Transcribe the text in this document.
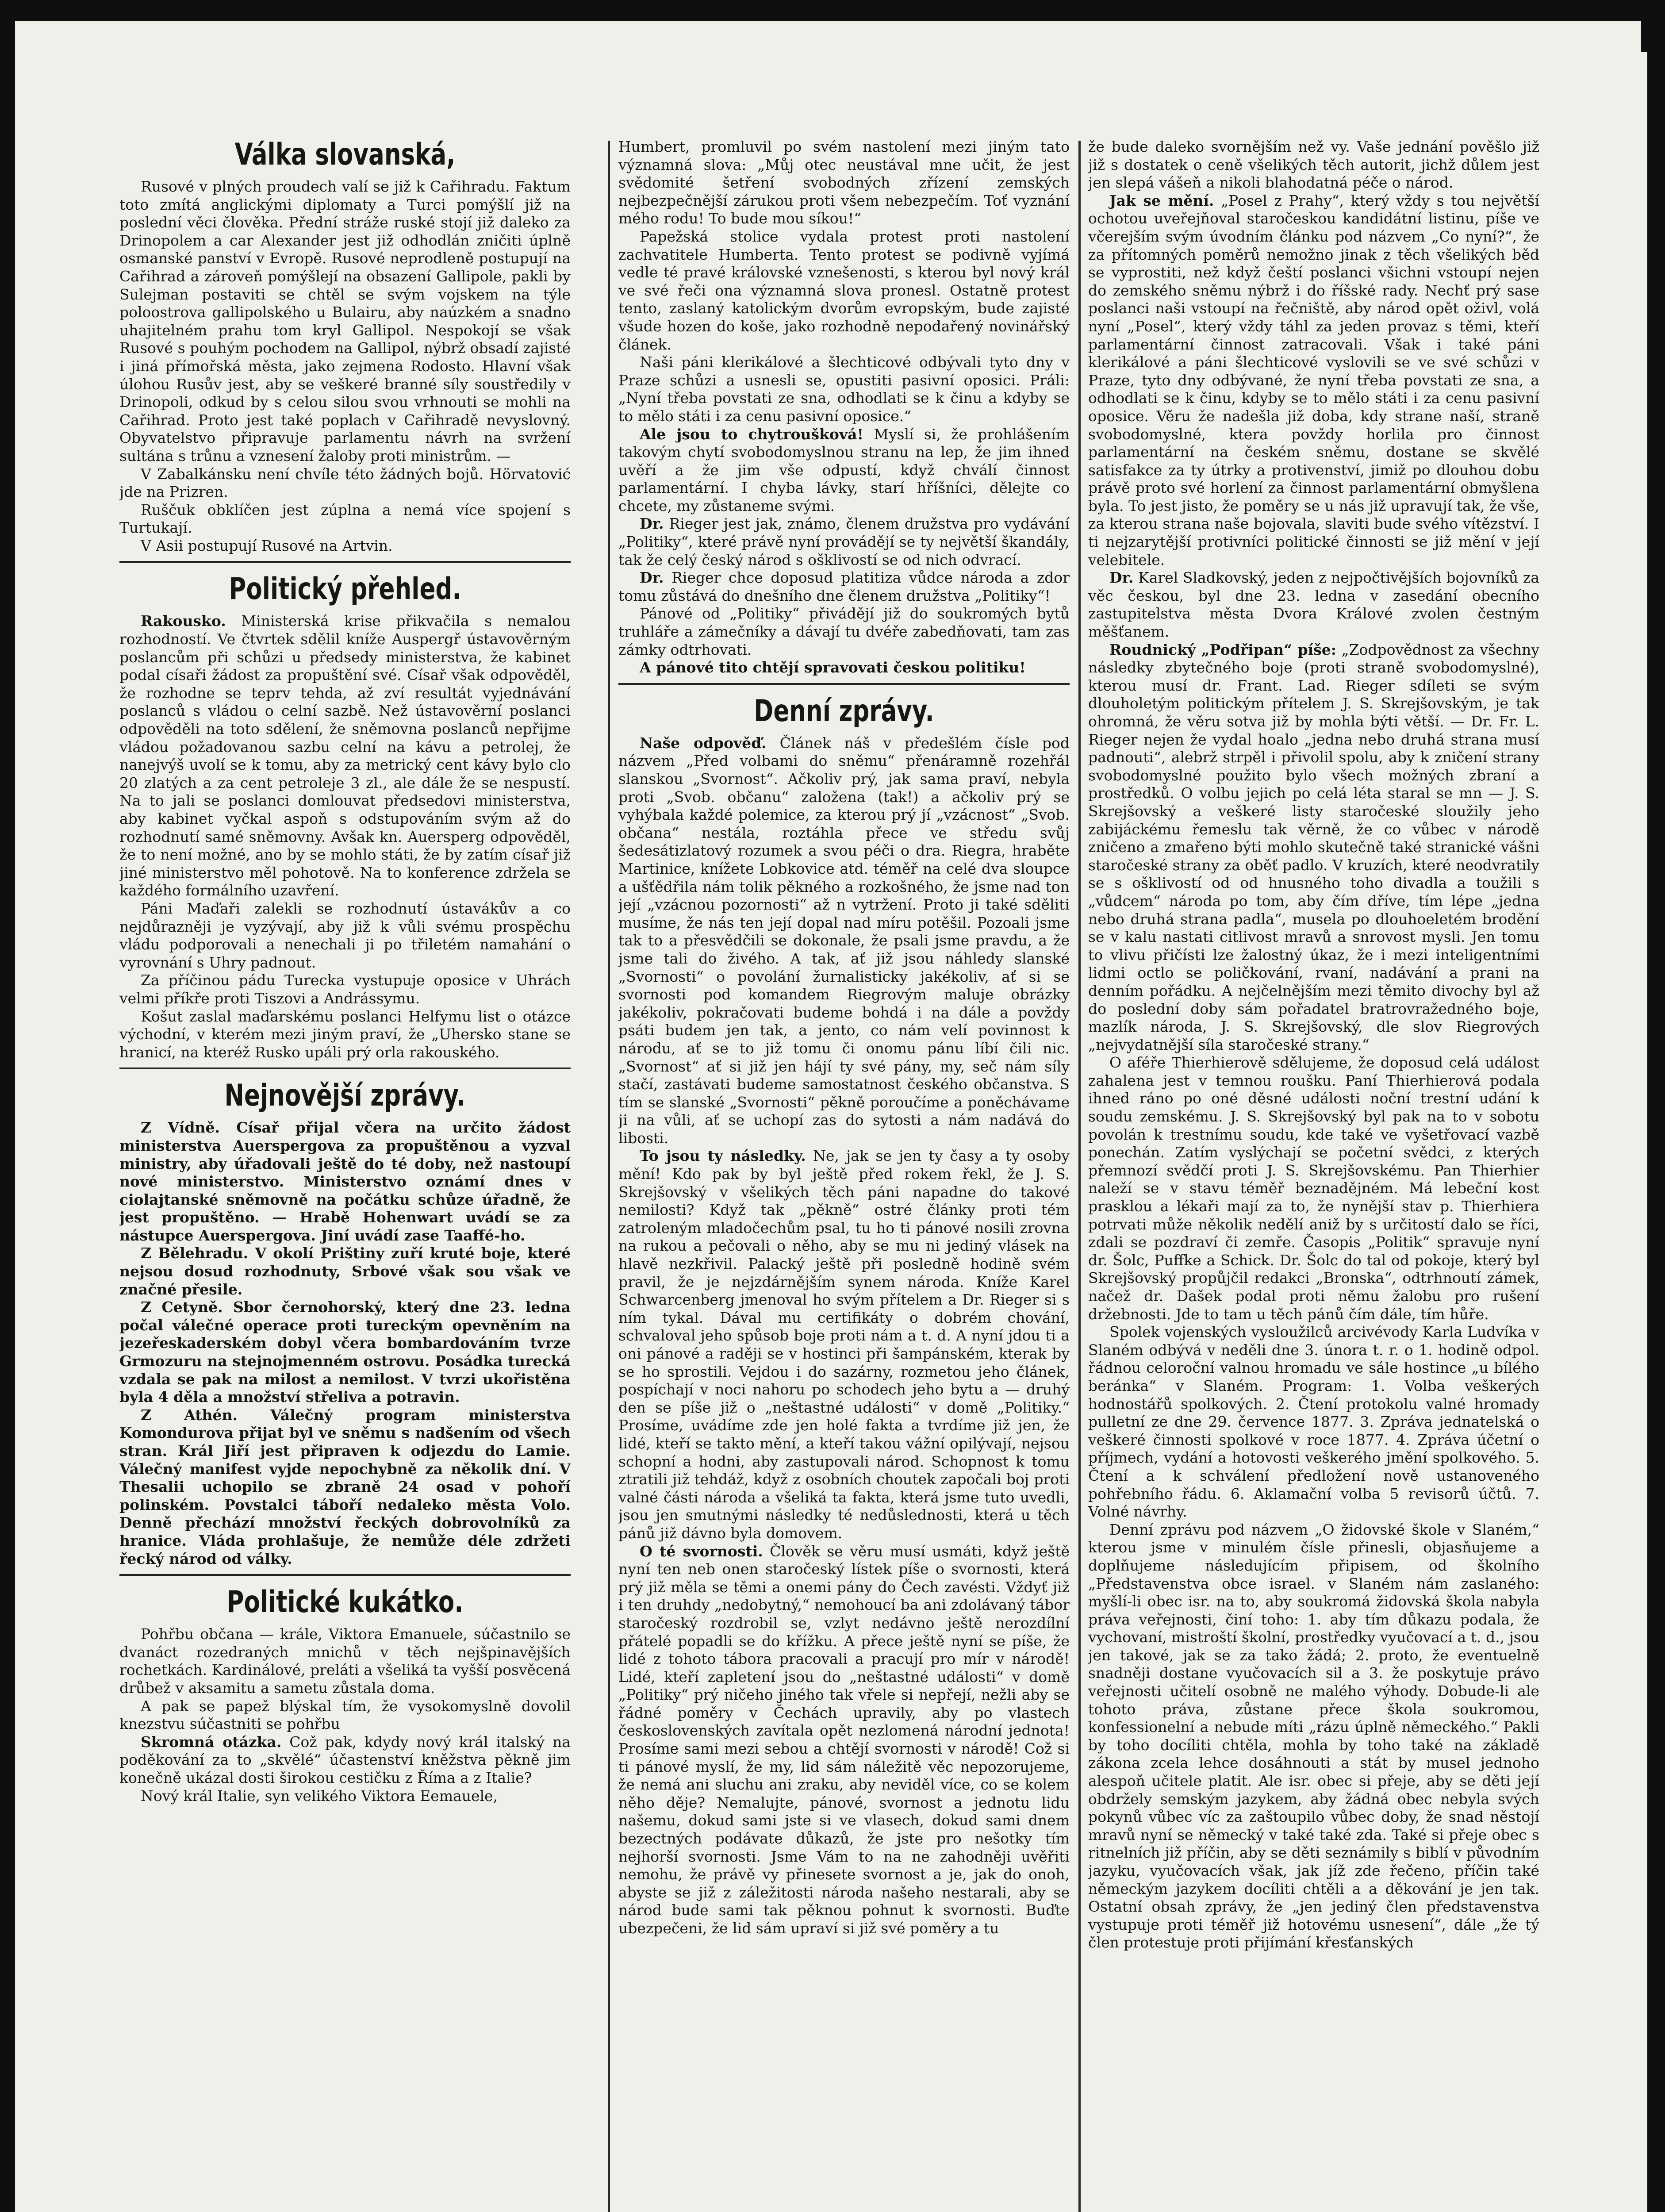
Válka slovanská,

Rusové v plných proudech valí se již k Cařihradu. Faktum toto zmítá anglickými diplomaty a Turci pomýšlí již na poslední věci člověka. Přední stráže ruské stojí již daleko za Drinopolem a car Alexander jest již odhodlán zničiti úplně osmanské panství v Evropě. Rusové neprodleně postupují na Cařihrad a zároveň pomýšlejí na obsazení Gallipole, pakli by Sulejman postaviti se chtěl se svým vojskem na týle poloostrova gallipolského u Bulairu, aby naúzkém a snadno uhajitelném prahu tom kryl Gallipol. Nespokojí se však Rusové s pouhým pochodem na Gallipol, nýbrž obsadí zajisté i jiná přímořská města, jako zejmena Rodosto. Hlavní však úlohou Rusův jest, aby se veškeré branné síly soustředily v Drinopoli, odkud by s celou silou svou vrhnouti se mohli na Cařihrad. Proto jest také poplach v Cařihradě nevyslovný. Obyvatelstvo připravuje parlamentu návrh na svržení sultána s trůnu a vznesení žaloby proti ministrům. —

V Zabalkánsku není chvíle této žádných bojů. Hörvatović jde na Prizren.

Ruščuk obklíčen jest zúplna a nemá více spojení s Turtukají.

V Asii postupují Rusové na Artvin.

Politický přehled.

Rakousko. Ministerská krise přikvačila s nemalou rozhodností. Ve čtvrtek sdělil kníže Auspergř ústavověrným poslancům při schůzi u předsedy ministerstva, že kabinet podal císaři žádost za propuštění své. Císař však odpověděl, že rozhodne se teprv tehda, až zví resultát vyjednávání poslanců s vládou o celní sazbě. Než ústavověrní poslanci odpověděli na toto sdělení, že sněmovna poslanců nepřijme vládou požadovanou sazbu celní na kávu a petrolej, že nanejvýš uvolí se k tomu, aby za metrický cent kávy bylo clo 20 zlatých a za cent petroleje 3 zl., ale dále že se nespustí. Na to jali se poslanci domlouvat předsedovi ministerstva, aby kabinet vyčkal aspoň s odstupováním svým až do rozhodnutí samé sněmovny. Avšak kn. Auersperg odpověděl, že to není možné, ano by se mohlo státi, že by zatím císař již jiné ministerstvo měl pohotově. Na to konference zdržela se každého formálního uzavření.

Páni Maďaři zalekli se rozhodnutí ústavákův a co nejdůrazněji je vyzývají, aby již k vůli svému prospěchu vládu podporovali a nenechali ji po třiletém namahání o vyrovnání s Uhry padnout.

Za příčinou pádu Turecka vystupuje oposice v Uhrách velmi příkře proti Tiszovi a Andrássymu.

Košut zaslal maďarskému poslanci Helfymu list o otázce východní, v kterém mezi jiným praví, že „Uhersko stane se hranicí, na kteréž Rusko upáli prý orla rakouského.

Nejnovější zprávy.

Z Vídně. Císař přijal včera na určito žádost ministerstva Auerspergova za propuštěnou a vyzval ministry, aby úřadovali ještě do té doby, než nastoupí nové ministerstvo. Ministerstvo oznámí dnes v ciolajtanské sněmovně na počátku schůze úřadně, že jest propuštěno. — Hrabě Hohenwart uvádí se za nástupce Auerspergova. Jiní uvádí zase Taaffé-ho.

Z Bělehradu. V okolí Prištiny zuří kruté boje, které nejsou dosud rozhodnuty, Srbové však sou však ve značné přesile.

Z Cetyně. Sbor černohorský, který dne 23. ledna počal válečné operace proti tureckým opevněním na jezeřeskaderském dobyl včera bombardováním tvrze Grmozuru na stejnojmenném ostrovu. Posádka turecká vzdala se pak na milost a nemilost. V tvrzi ukořistěna byla 4 děla a množství střeliva a potravin.

Z Athén. Válečný program ministerstva Komondurova přijat byl ve sněmu s nadšením od všech stran. Král Jiří jest připraven k odjezdu do Lamie. Válečný manifest vyjde nepochybně za několik dní. V Thesalii uchopilo se zbraně 24 osad v pohoří polinském. Povstalci táboří nedaleko města Volo. Denně přechází množství řeckých dobrovolníků za hranice. Vláda prohlašuje, že nemůže déle zdržeti řecký národ od války.

Politické kukátko.

Pohřbu občana — krále, Viktora Emanuele, súčastnilo se dvanáct rozedraných mnichů v těch nejšpinavějších rochetkách. Kardinálové, preláti a všeliká ta vyšší posvěcená drůbež v aksamitu a sametu zůstala doma.

A pak se papež blýskal tím, že vysokomyslně dovolil knezstvu súčastniti se pohřbu

Skromná otázka. Což pak, kdydy nový král italský na poděkování za to „skvělé“ účastenství kněžstva pěkně jim konečně ukázal dosti širokou cestičku z Říma a z Italie?

Nový král Italie, syn velikého Viktora Eemauele,

Humbert, promluvil po svém nastolení mezi jiným tato významná slova: „Můj otec neustával mne učit, že jest svědomité šetření svobodných zřízení zemských nejbezpečnější zárukou proti všem nebezpečím. Toť vyznání mého rodu! To bude mou síkou!“

Papežská stolice vydala protest proti nastolení zachvatitele Humberta. Tento protest se podivně vyjímá vedle té pravé královské vznešenosti, s kterou byl nový král ve své řeči ona významná slova pronesl. Ostatně protest tento, zaslaný katolickým dvorům evropským, bude zajisté všude hozen do koše, jako rozhodně nepodařený novinářský článek.

Naši páni klerikálové a šlechticové odbývali tyto dny v Praze schůzi a usnesli se, opustiti pasivní oposici. Práli: „Nyní třeba povstati ze sna, odhodlati se k činu a kdyby se to mělo státi i za cenu pasivní oposice.“

Ale jsou to chytroušková! Myslí si, že prohlášením takovým chytí svobodomyslnou stranu na lep, že jim ihned uvěří a že jim vše odpustí, když chválí činnost parlamentární. I chyba lávky, starí hříšníci, dělejte co chcete, my zůstaneme svými.

Dr. Rieger jest jak, známo, členem družstva pro vydávání „Politiky“, které právě nyní provádějí se ty největší škandály, tak že celý český národ s ošklivostí se od nich odvrací.

Dr. Rieger chce doposud platitiza vůdce národa a zdor tomu zůstává do dnešního dne členem družstva „Politiky“!

Pánové od „Politiky“ přivádějí již do soukromých bytů truhláře a zámečníky a dávají tu dvéře zabedňovati, tam zas zámky odtrhovati.

A pánové tito chtějí spravovati českou politiku!

Denní zprávy.

Naše odpověď. Článek náš v předešlém čísle pod názvem „Před volbami do sněmu“ přenáramně rozehřál slanskou „Svornost“. Ačkoliv prý, jak sama praví, nebyla proti „Svob. občanu“ založena (tak!) a ačkoliv prý se vyhýbala každé polemice, za kterou prý jí „vzácnost“ „Svob. občana“ nestála, roztáhla přece ve středu svůj šedesátizlatový rozumek a svou péči o dra. Riegra, hraběte Martinice, knížete Lobkovice atd. téměř na celé dva sloupce a ušťědřila nám tolik pěkného a rozkošného, že jsme nad ton její „vzácnou pozornosti“ až n vytržení. Proto ji také sděliti musíme, že nás ten její dopal nad míru potěšil. Pozoali jsme tak to a přesvědčili se dokonale, že psali jsme pravdu, a že jsme tali do živého. A tak, ať již jsou náhledy slanské „Svornosti“ o povolání žurnalisticky jakékoliv, ať si se svornosti pod komandem Riegrovým maluje obrázky jakékoliv, pokračovati budeme bohdá i na dále a povždy psáti budem jen tak, a jento, co nám velí povinnost k národu, ať se to již tomu či onomu pánu líbí čili nic. „Svornost“ ať si již jen hájí ty své pány, my, seč nám síly stačí, zastávati budeme samostatnost českého občanstva. S tím se slanské „Svornosti“ pěkně poroučíme a poněchávame ji na vůli, ať se uchopí zas do sytosti a nám nadává do libosti.

To jsou ty následky. Ne, jak se jen ty časy a ty osoby mění! Kdo pak by byl ještě před rokem řekl, že J. S. Skrejšovský v všelikých těch páni napadne do takové nemilosti? Když tak „pěkně“ ostré články proti tém zatroleným mladočechům psal, tu ho ti pánové nosili zrovna na rukou a pečovali o něho, aby se mu ni jediný vlásek na hlavě nezkřivil. Palacký ještě při posledně hodině svém pravil, že je nejzdárnějším synem národa. Kníže Karel Schwarcenberg jmenoval ho svým přítelem a Dr. Rieger si s ním tykal. Dával mu certifikáty o dobrém chování, schvaloval jeho spůsob boje proti nám a t. d. A nyní jdou ti a oni pánové a raději se v hostinci při šampánském, kterak by se ho sprostili. Vejdou i do sazárny, rozmetou jeho článek, pospíchají v noci nahoru po schodech jeho bytu a — druhý den se píše již o „neštastné události“ v domě „Politiky.“ Prosíme, uvádíme zde jen holé fakta a tvrdíme již jen, že lidé, kteří se takto mění, a kteří takou vážní opilývají, nejsou schopní a hodni, aby zastupovali národ. Schopnost k tomu ztratili již tehdáž, když z osobních choutek započali boj proti valné části národa a všeliká ta fakta, která jsme tuto uvedli, jsou jen smutnými následky té nedůslednosti, která u těch pánů již dávno byla domovem.

O té svornosti. Člověk se věru musí usmáti, když ještě nyní ten neb onen staročeský lístek píše o svornosti, která prý již měla se těmi a onemi pány do Čech zavésti. Vždyť již i ten druhdy „nedobytný,“ nemohoucí ba ani zdolávaný tábor staročeský rozdrobil se, vzlyt nedávno ještě nerozdílní přátelé popadli se do křížku. A přece ještě nyní se píše, že lidé z tohoto tábora pracovali a pracují pro mír v národě! Lidé, kteří zapletení jsou do „neštastné události“ v domě „Politiky“ prý ničeho jiného tak vřele si nepřejí, nežli aby se řádné poměry v Čechách upravily, aby po vlastech československých zavítala opět nezlomená národní jednota! Prosíme sami mezi sebou a chtějí svornosti v národě! Což si ti pánové myslí, že my, lid sám náležitě věc nepozorujeme, že nemá ani sluchu ani zraku, aby neviděl více, co se kolem něho děje? Nemalujte, pánové, svornost a jednotu lidu našemu, dokud sami jste si ve vlasech, dokud sami dnem bezectných podávate důkazů, že jste pro nešotky tím nejhorší svornosti. Jsme Vám to na ne zahodněji uvěřiti nemohu, že právě vy přinesete svornost a je, jak do onoh, abyste se již z záležitosti národa našeho nestarali, aby se národ bude sami tak pěknou pohnut k svornosti. Buďte ubezpečeni, že lid sám upraví si již své poměry a tu

že bude daleko svornějším než vy. Vaše jednání pověšlo již již s dostatek o ceně všelikých těch autorit, jichž důlem jest jen slepá vášeň a nikoli blahodatná péče o národ.

Jak se mění. „Posel z Prahy“, který vždy s tou největší ochotou uveřejňoval staročeskou kandidátní listinu, píše ve včerejším svým úvodním článku pod názvem „Co nyní?“, že za přítomných poměrů nemožno jinak z těch všelikých běd se vyprostiti, než když čeští poslanci všichni vstoupí nejen do zemského sněmu nýbrž i do říšské rady. Nechť prý sase poslanci naši vstoupí na řečniště, aby národ opět oživl, volá nyní „Posel“, který vždy táhl za jeden provaz s těmi, kteří parlamentární činnost zatracovali. Však i také páni klerikálové a páni šlechticové vyslovili se ve své schůzi v Praze, tyto dny odbývané, že nyní třeba povstati ze sna, a odhodlati se k činu, kdyby se to mělo státi i za cenu pasivní oposice. Věru že nadešla již doba, kdy strane naší, straně svobodomyslné, ktera povždy horlila pro činnost parlamentární na českém sněmu, dostane se skvělé satisfakce za ty útrky a protivenství, jimiž po dlouhou dobu právě proto své horlení za činnost parlamentární obmyšlena byla. To jest jisto, že poměry se u nás již upravují tak, že vše, za kterou strana naše bojovala, slaviti bude svého vítězství. I ti nejzarytější protivníci politické činnosti se již mění v její velebitele.

Dr. Karel Sladkovský, jeden z nejpočtivějších bojovníků za věc českou, byl dne 23. ledna v zasedání obecního zastupitelstva města Dvora Králové zvolen čestným měšťanem.

Roudnický „Podřipan“ píše: „Zodpovědnost za všechny následky zbytečného boje (proti straně svobodomyslné), kterou musí dr. Frant. Lad. Rieger sdíleti se svým dlouholetým politickým přítelem J. S. Skrejšovským, je tak ohromná, že věru sotva již by mohla býti větší. — Dr. Fr. L. Rieger nejen že vydal hoalo „jedna nebo druhá strana musí padnouti“, alebrž strpěl i přivolil spolu, aby k zničení strany svobodomyslné použito bylo všech možných zbraní a prostředků. O volbu jejich po celá léta staral se mn — J. S. Skrejšovský a veškeré listy staročeské sloužily jeho zabijáckému řemeslu tak věrně, že co vůbec v národě zničeno a zmařeno býti mohlo skutečně také stranické vášni staročeské strany za oběť padlo. V kruzích, které neodvratily se s ošklivostí od od hnusného toho divadla a toužili s „vůdcem“ národa po tom, aby čím dříve, tím lépe „jedna nebo druhá strana padla“, musela po dlouhoeletém brodění se v kalu nastati citlivost mravů a snrovost mysli. Jen tomu to vlivu přičísti lze žalostný úkaz, že i mezi inteligentními lidmi octlo se poličkování, rvaní, nadávání a prani na denním pořádku. A nejčelnějším mezi těmito divochy byl až do poslední doby sám pořadatel bratrovražedného boje, mazlík národa, J. S. Skrejšovský, dle slov Riegrových „nejvydatnější síla staročeské strany.“

O aféře Thierhierově sdělujeme, že doposud celá událost zahalena jest v temnou roušku. Paní Thierhierová podala ihned ráno po oné děsné události noční trestní udání k soudu zemskému. J. S. Skrejšovský byl pak na to v sobotu povolán k trestnímu soudu, kde také ve vyšetřovací vazbě ponechán. Zatím vyslýchají se početní svědci, z kterých přemnozí svědčí proti J. S. Skrejšovskému. Pan Thierhier naleží se v stavu téměř beznadějném. Má lebeční kost prasklou a lékaři mají za to, že nynější stav p. Thierhiera potrvati může několik nedělí aniž by s určitostí dalo se říci, zdali se pozdraví či zemře. Časopis „Politik“ spravuje nyní dr. Šolc, Puffke a Schick. Dr. Šolc do tal od pokoje, který byl Skrejšovský propůjčil redakci „Bronska“, odtrhnoutí zámek, načež dr. Dašek podal proti němu žalobu pro rušení držebnosti. Jde to tam u těch pánů čím dále, tím hůře.

Spolek vojenských vysloužilců arcivévody Karla Ludvíka v Slaném odbývá v neděli dne 3. února t. r. o 1. hodině odpol. řádnou celoroční valnou hromadu ve sále hostince „u bílého beránka“ v Slaném. Program: 1. Volba veškerých hodnostářů spolkových. 2. Čtení protokolu valné hromady pulletní ze dne 29. července 1877. 3. Zpráva jednatelská o veškeré činnosti spolkové v roce 1877. 4. Zpráva účetní o příjmech, vydání a hotovosti veškerého jmění spolkového. 5. Čtení a k schválení předložení nově ustanoveného pohřebního řádu. 6. Aklamační volba 5 revisorů účtů. 7. Volné návrhy.

Denní zprávu pod názvem „O židovské škole v Slaném,“ kterou jsme v minulém čísle přinesli, objasňujeme a doplňujeme následujícím připisem, od školního „Představenstva obce israel. v Slaném nám zaslaného: myšlí-li obec isr. na to, aby soukromá židovská škola nabyla práva veřejnosti, činí toho: 1. aby tím důkazu podala, že vychovaní, mistroští školní, prostředky vyučovací a t. d., jsou jen takové, jak se za tako žádá; 2. proto, že eventuelně snadněji dostane vyučovacích sil a 3. že poskytuje právo veřejnosti učitelí osobně ne malého výhody. Dobude-li ale tohoto práva, zůstane přece škola soukromou, konfessionelní a nebude míti „rázu úplně německého.“ Pakli by toho docíliti chtěla, mohla by toho také na základě zákona zcela lehce dosáhnouti a stát by musel jednoho alespoň učitele platit. Ale isr. obec si přeje, aby se děti její obdržely semským jazykem, aby žádná obec nebyla svých pokynů vůbec víc za zaštoupilo vůbec doby, že snad něstojí mravů nyní se německý v také také zda. Také si přeje obec s ritnelních již příčin, aby se děti seznámily s biblí v původním jazyku, vyučovacích však, jak jíž zde řečeno, příčin také německým jazykem docíliti chtěli a a děkování je jen tak. Ostatní obsah zprávy, že „jen jediný člen představenstva vystupuje proti téměř již hotovému usnesení“, dále „že tý člen protestuje proti přijímání křesťanských
